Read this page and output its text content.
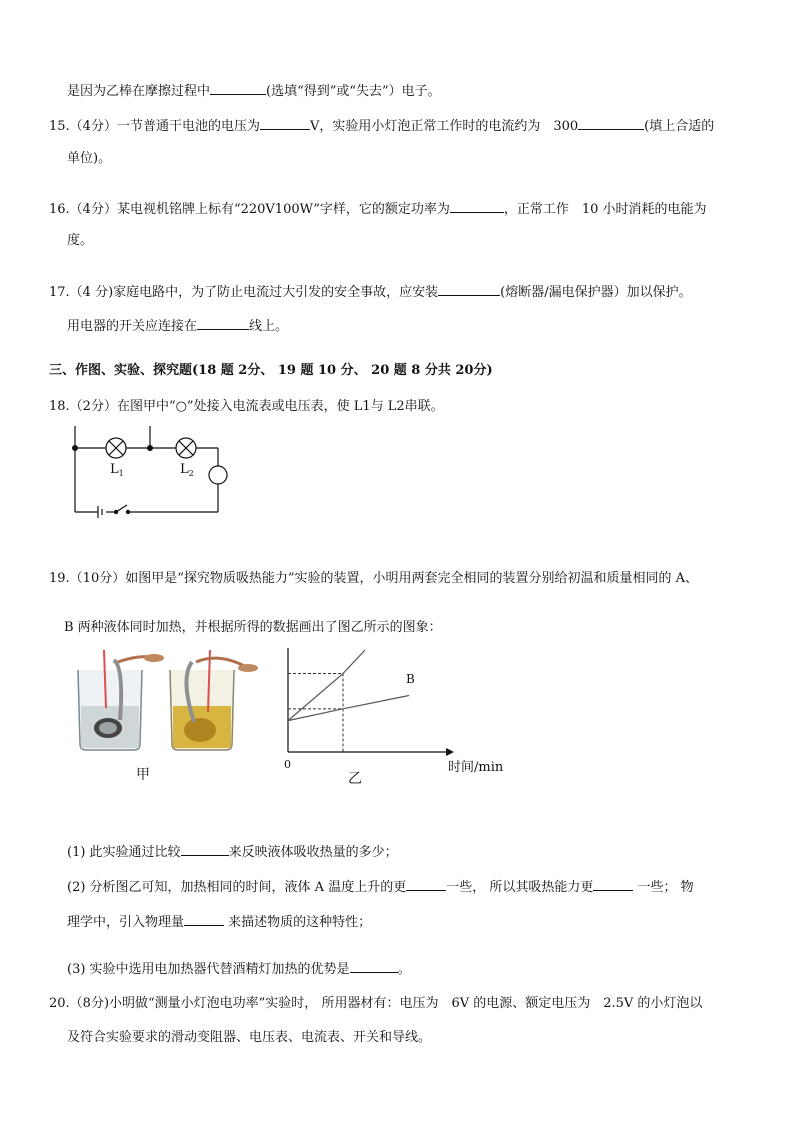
是因为乙棒在摩擦过程中	(选填“得到”或“失去”）电子。
15.（4分）一节普通干电池的电压为	V，实验用小灯泡正常工作时的电流约为　300	(填上合适的
单位)。
16.（4分）某电视机铭牌上标有“220V100W”字样，它的额定功率为	，正常工作　10 小时消耗的电能为
度。
17.（4 分)家庭电路中，为了防止电流过大引发的安全事故，应安装	(熔断器/漏电保护器）加以保护。
用电器的开关应连接在	线上。
三、作图、实验、探究题(18 题 2分、 19 题 10 分、 20 题 8 分共 20分)
18.（2分）在图甲中“○”处接入电流表或电压表，使 L1与 L2串联。
$L_1$	$L_2$
19.（10分）如图甲是“探究物质吸热能力”实验的装置，小明用两套完全相同的装置分别给初温和质量相同的 A、
B 两种液体同时加热，并根据所得的数据画出了图乙所示的图象：
甲
0
B
时间/min
乙
(1) 此实验通过比较	来反映液体吸收热量的多少；
(2) 分析图乙可知，加热相同的时间，液体 A 温度上升的更	一些， 所以其吸热能力更	一些； 物
理学中，引入物理量	来描述物质的这种特性；
(3) 实验中选用电加热器代替酒精灯加热的优势是	。
20.（8分)小明做“测量小灯泡电功率”实验时， 所用器材有：电压为　6V 的电源、额定电压为　2.5V 的小灯泡以
及符合实验要求的滑动变阻器、电压表、电流表、开关和导线。
